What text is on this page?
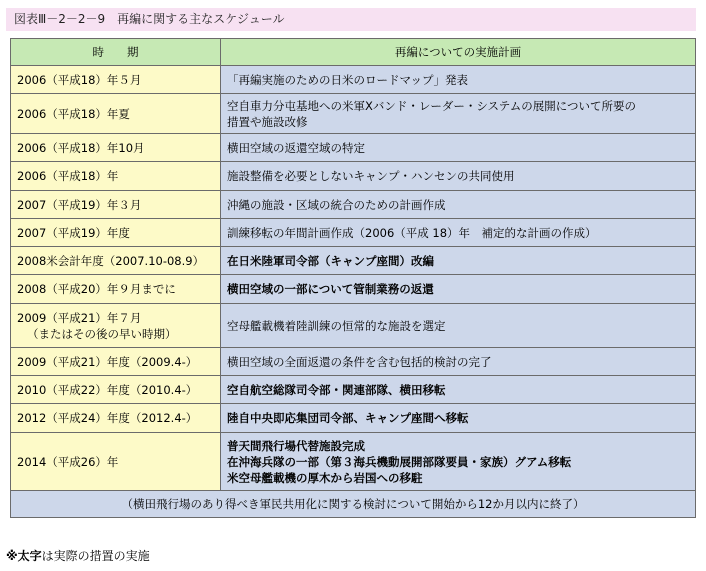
図表Ⅲ－2－2－9　再編に関する主なスケジュール
時　　期	再編についての実施計画
2006（平成18）年５月	「再編実施のための日米のロードマップ」発表

2006（平成18）年夏	空自車力分屯基地への米軍Xバンド・レーダー・システムの展開について所要の
措置や施設改修

2006（平成18）年10月	横田空域の返還空域の特定

2006（平成18）年	施設整備を必要としないキャンプ・ハンセンの共同使用

2007（平成19）年３月	沖縄の施設・区域の統合のための計画作成

2007（平成19）年度	訓練移転の年間計画作成（2006（平成 18）年　補定的な計画の作成）

2008米会計年度（2007.10-08.9）	在日米陸軍司令部（キャンプ座間）改編

2008（平成20）年９月までに	横田空域の一部について管制業務の返還

2009（平成21）年７月
（またはその後の早い時期）	空母艦載機着陸訓練の恒常的な施設を選定

2009（平成21）年度（2009.4-）	横田空域の全面返還の条件を含む包括的検討の完了

2010（平成22）年度（2010.4-）	空自航空総隊司令部・関連部隊、横田移転

2012（平成24）年度（2012.4-）	陸自中央即応集団司令部、キャンプ座間へ移転

2014（平成26）年	普天間飛行場代替施設完成
在沖海兵隊の一部（第３海兵機動展開部隊要員・家族）グアム移転
米空母艦載機の厚木から岩国への移駐

（横田飛行場のあり得べき軍民共用化に関する検討について開始から12か月以内に終了）	
※太字は実際の措置の実施
